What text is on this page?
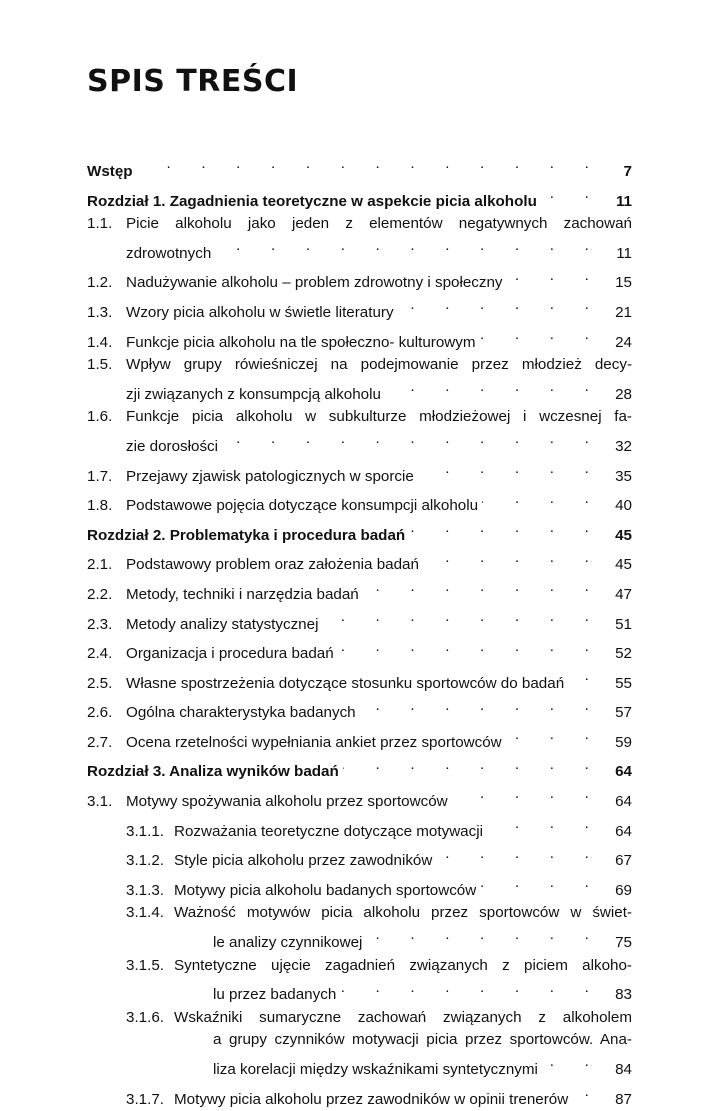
SPIS TREŚCI
Wstęp . . .	7
Rozdział 1. Zagadnienia teoretyczne w aspekcie picia alkoholu . . .	11
1.1. Picie alkoholu jako jeden z elementów negatywnych zachowań
zdrowotnych . . .	11
1.2. Nadużywanie alkoholu – problem zdrowotny i społeczny . . .	15
1.3. Wzory picia alkoholu w świetle literatury . . .	21
1.4. Funkcje picia alkoholu na tle społeczno- kulturowym . . .	24
1.5. Wpływ grupy rówieśniczej na podejmowanie przez młodzież decy-
zji związanych z konsumpcją alkoholu . . .	28
1.6. Funkcje picia alkoholu w subkulturze młodzieżowej i wczesnej fa-
zie dorosłości . . .	32
1.7. Przejawy zjawisk patologicznych w sporcie . . .	35
1.8. Podstawowe pojęcia dotyczące konsumpcji alkoholu . . .	40
Rozdział 2. Problematyka i procedura badań . . .	45
2.1. Podstawowy problem oraz założenia badań . . .	45
2.2. Metody, techniki i narzędzia badań . . .	47
2.3. Metody analizy statystycznej . . .	51
2.4. Organizacja i procedura badań . . .	52
2.5. Własne spostrzeżenia dotyczące stosunku sportowców do badań . . .	55
2.6. Ogólna charakterystyka badanych . . .	57
2.7. Ocena rzetelności wypełniania ankiet przez sportowców . . .	59
Rozdział 3. Analiza wyników badań . . .	64
3.1. Motywy spożywania alkoholu przez sportowców . . .	64
3.1.1. Rozważania teoretyczne dotyczące motywacji . . .	64
3.1.2. Style picia alkoholu przez zawodników . . .	67
3.1.3. Motywy picia alkoholu badanych sportowców . . .	69
3.1.4. Ważność motywów picia alkoholu przez sportowców w świet-
le analizy czynnikowej . . .	75
3.1.5. Syntetyczne ujęcie zagadnień związanych z piciem alkoho-
lu przez badanych . . .	83
3.1.6. Wskaźniki sumaryczne zachowań związanych z alkoholem
a grupy czynników motywacji picia przez sportowców. Ana-
liza korelacji między wskaźnikami syntetycznymi . . .	84
3.1.7. Motywy picia alkoholu przez zawodników w opinii trenerów . . .	87
